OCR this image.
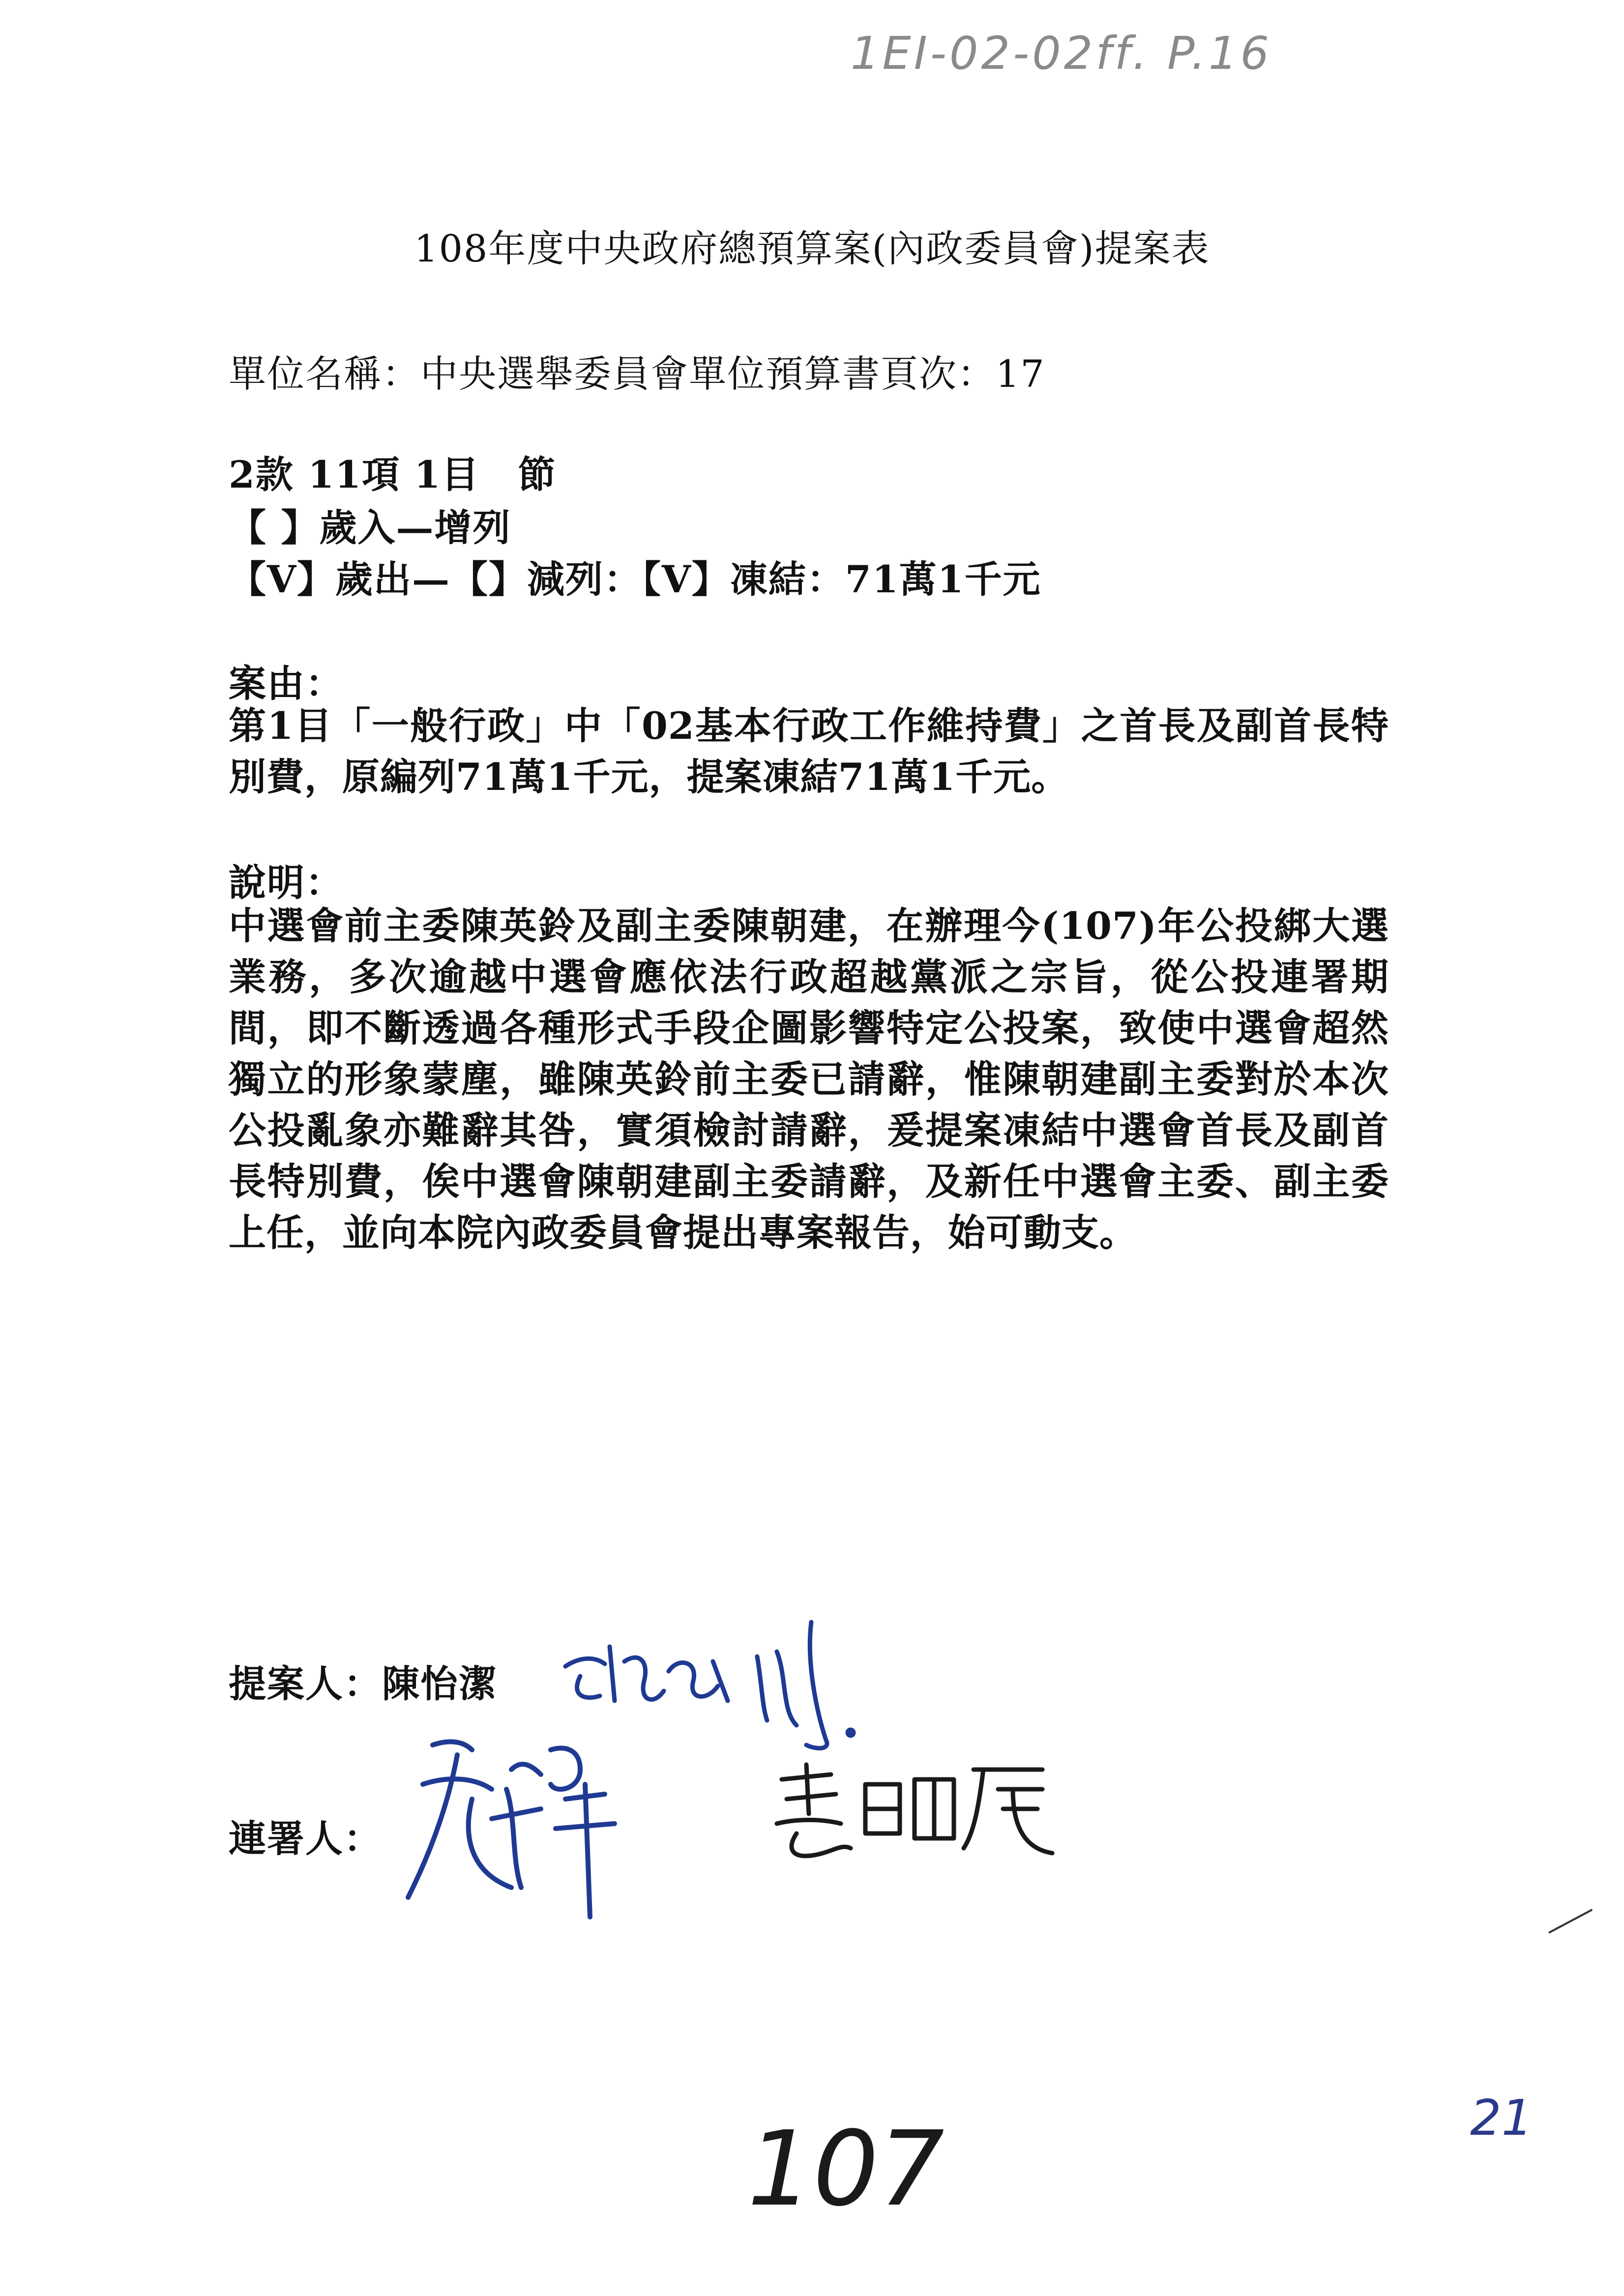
1EI-02-02ff. P.16
108年度中央政府總預算案(內政委員會)提案表
單位名稱：中央選舉委員會單位預算書頁次：17
2款 11項 1目　節
【 】歲入—增列
【V】歲出—【】減列：【V】凍結：71萬1千元
案由：
第1目「一般行政」中「02基本行政工作維持費」之首長及副首長特別費，原編列71萬1千元，提案凍結71萬1千元。
說明：
中選會前主委陳英鈴及副主委陳朝建，在辦理今(107)年公投綁大選業務，多次逾越中選會應依法行政超越黨派之宗旨，從公投連署期間，即不斷透過各種形式手段企圖影響特定公投案，致使中選會超然獨立的形象蒙塵，雖陳英鈴前主委已請辭，惟陳朝建副主委對於本次公投亂象亦難辭其咎，實須檢討請辭，爰提案凍結中選會首長及副首長特別費，俟中選會陳朝建副主委請辭，及新任中選會主委、副主委上任，並向本院內政委員會提出專案報告，始可動支。
提案人：陳怡潔
連署人：
107	21
